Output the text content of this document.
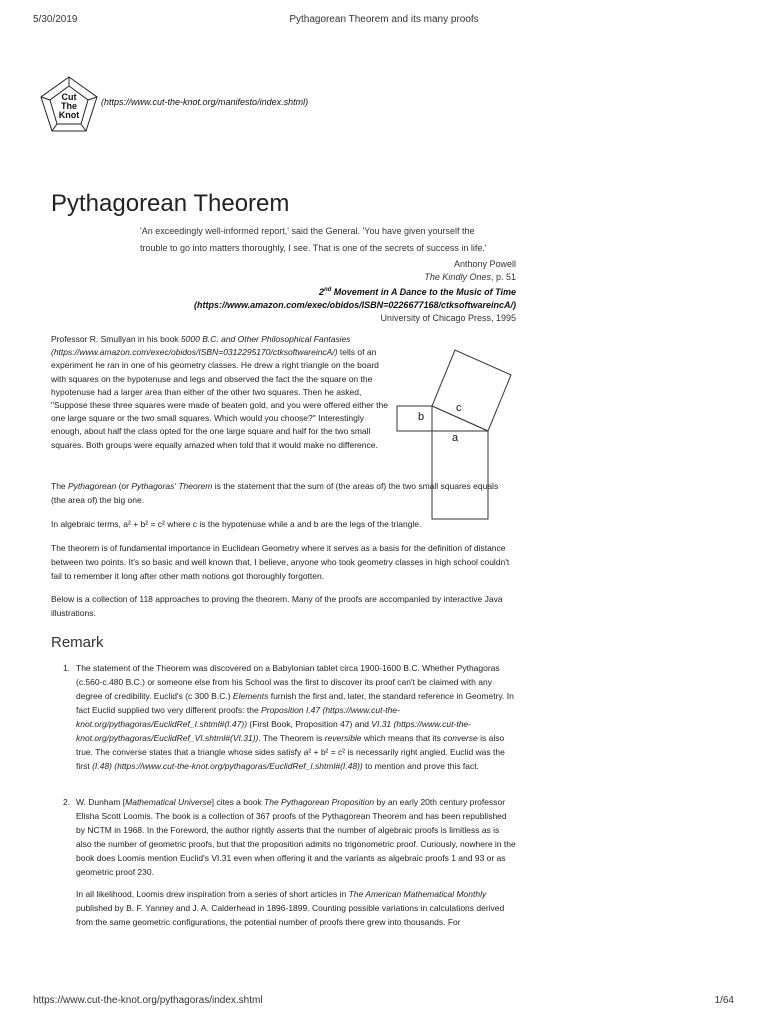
5/30/2019	Pythagorean Theorem and its many proofs
Cut
The
Knot
(https://www.cut-the-knot.org/manifesto/index.shtml)
Pythagorean Theorem
'An exceedingly well-informed report,' said the General. 'You have given yourself the trouble to go into matters thoroughly, I see. That is one of the secrets of success in life.'
Anthony Powell
The Kindly Ones, p. 51
2nd Movement in A Dance to the Music of Time
(https://www.amazon.com/exec/obidos/ISBN=0226677168/ctksoftwareincA/)
University of Chicago Press, 1995
Professor R. Smullyan in his book 5000 B.C. and Other Philosophical Fantasies (https://www.amazon.com/exec/obidos/ISBN=0312295170/ctksoftwareincA/) tells of an experiment he ran in one of his geometry classes. He drew a right triangle on the board with squares on the hypotenuse and legs and observed the fact the the square on the hypotenuse had a larger area than either of the other two squares. Then he asked, "Suppose these three squares were made of beaten gold, and you were offered either the one large square or the two small squares. Which would you choose?" Interestingly enough, about half the class opted for the one large square and half for the two small squares. Both groups were equally amazed when told that it would make no difference.
b
c
a
The Pythagorean (or Pythagoras' Theorem is the statement that the sum of (the areas of) the two small squares equals (the area of) the big one.
In algebraic terms, a² + b² = c² where c is the hypotenuse while a and b are the legs of the triangle.
The theorem is of fundamental importance in Euclidean Geometry where it serves as a basis for the definition of distance between two points. It's so basic and well known that, I believe, anyone who took geometry classes in high school couldn't fail to remember it long after other math notions got thoroughly forgotten.
Below is a collection of 118 approaches to proving the theorem. Many of the proofs are accompanied by interactive Java illustrations.
Remark
1. The statement of the Theorem was discovered on a Babylonian tablet circa 1900-1600 B.C. Whether Pythagoras (c.560-c.480 B.C.) or someone else from his School was the first to discover its proof can't be claimed with any degree of credibility. Euclid's (c 300 B.C.) Elements furnish the first and, later, the standard reference in Geometry. In fact Euclid supplied two very different proofs: the Proposition I.47 (https://www.cut-the-knot.org/pythagoras/EuclidRef_I.shtml#(I.47)) (First Book, Proposition 47) and VI.31 (https://www.cut-the-knot.org/pythagoras/EuclidRef_VI.shtml#(VI.31)). The Theorem is reversible which means that its converse is also true. The converse states that a triangle whose sides satisfy a² + b² = c² is necessarily right angled. Euclid was the first (I.48) (https://www.cut-the-knot.org/pythagoras/EuclidRef_I.shtml#(I.48)) to mention and prove this fact.
2. W. Dunham [Mathematical Universe] cites a book The Pythagorean Proposition by an early 20th century professor Elisha Scott Loomis. The book is a collection of 367 proofs of the Pythagorean Theorem and has been republished by NCTM in 1968. In the Foreword, the author rightly asserts that the number of algebraic proofs is limitless as is also the number of geometric proofs, but that the proposition admits no trigonometric proof. Curiously, nowhere in the book does Loomis mention Euclid's VI.31 even when offering it and the variants as algebraic proofs 1 and 93 or as geometric proof 230.
In all likelihood, Loomis drew inspiration from a series of short articles in The American Mathematical Monthly published by B. F. Yanney and J. A. Calderhead in 1896-1899. Counting possible variations in calculations derived from the same geometric configurations, the potential number of proofs there grew into thousands. For
https://www.cut-the-knot.org/pythagoras/index.shtml	1/64
